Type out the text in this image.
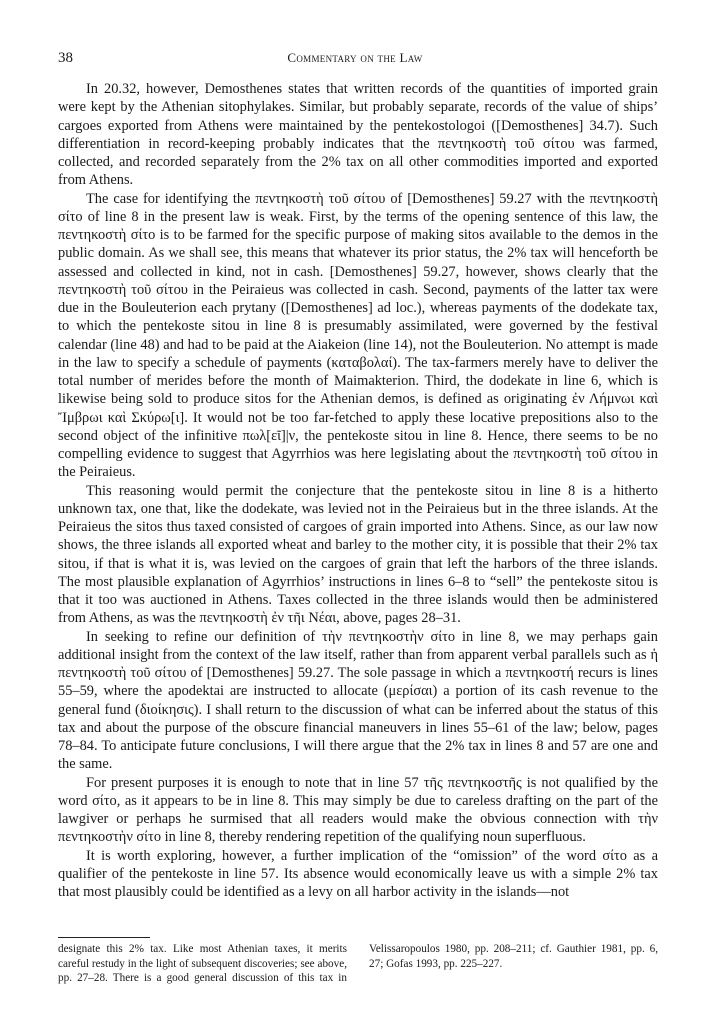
38	Commentary on the Law

In 20.32, however, Demosthenes states that written records of the quantities of imported grain were kept by the Athenian sitophylakes. Similar, but probably separate, records of the value of ships’ cargoes exported from Athens were maintained by the pentekostologoi ([Demosthenes] 34.7). Such differentiation in record-keeping probably indicates that the πεντηκοστὴ τοῦ σίτου was farmed, collected, and recorded separately from the 2% tax on all other commodities imported and exported from Athens.

The case for identifying the πεντηκοστὴ τοῦ σίτου of [Demosthenes] 59.27 with the πεντηκοστὴ σίτο of line 8 in the present law is weak. First, by the terms of the opening sentence of this law, the πεντηκοστὴ σίτο is to be farmed for the specific purpose of making sitos available to the demos in the public domain. As we shall see, this means that whatever its prior status, the 2% tax will henceforth be assessed and collected in kind, not in cash. [Demosthenes] 59.27, however, shows clearly that the πεντηκοστὴ τοῦ σίτου in the Peiraieus was collected in cash. Second, payments of the latter tax were due in the Bouleuterion each prytany ([Demosthenes] ad loc.), whereas payments of the dodekate tax, to which the pentekoste sitou in line 8 is presumably assimilated, were governed by the festival calendar (line 48) and had to be paid at the Aiakeion (line 14), not the Bouleuterion. No attempt is made in the law to specify a schedule of payments (καταβολαί). The tax-farmers merely have to deliver the total number of merides before the month of Maimakterion. Third, the dodekate in line 6, which is likewise being sold to produce sitos for the Athenian demos, is defined as originating ἐν Λήμνωι καὶ Ἴμβρωι καὶ Σκύρω[ι]. It would not be too far-fetched to apply these locative prepositions also to the second object of the infinitive πωλ[εῖ]|ν, the pentekoste sitou in line 8. Hence, there seems to be no compelling evidence to suggest that Agyrrhios was here legislating about the πεντηκοστὴ τοῦ σίτου in the Peiraieus.

This reasoning would permit the conjecture that the pentekoste sitou in line 8 is a hitherto unknown tax, one that, like the dodekate, was levied not in the Peiraieus but in the three islands. At the Peiraieus the sitos thus taxed consisted of cargoes of grain imported into Athens. Since, as our law now shows, the three islands all exported wheat and barley to the mother city, it is possible that their 2% tax sitou, if that is what it is, was levied on the cargoes of grain that left the harbors of the three islands. The most plausible explanation of Agyrrhios’ instructions in lines 6–8 to “sell” the pentekoste sitou is that it too was auctioned in Athens. Taxes collected in the three islands would then be administered from Athens, as was the πεντηκοστὴ ἐν τῆι Νέαι, above, pages 28–31.

In seeking to refine our definition of τὴν πεντηκοστὴν σίτο in line 8, we may perhaps gain additional insight from the context of the law itself, rather than from apparent verbal parallels such as ἡ πεντηκοστὴ τοῦ σίτου of [Demosthenes] 59.27. The sole passage in which a πεντηκοστή recurs is lines 55–59, where the apodektai are instructed to allocate (μερίσαι) a portion of its cash revenue to the general fund (διοίκησις). I shall return to the discussion of what can be inferred about the status of this tax and about the purpose of the obscure financial maneuvers in lines 55–61 of the law; below, pages 78–84. To anticipate future conclusions, I will there argue that the 2% tax in lines 8 and 57 are one and the same.

For present purposes it is enough to note that in line 57 τῆς πεντηκοστῆς is not qualified by the word σίτο, as it appears to be in line 8. This may simply be due to careless drafting on the part of the lawgiver or perhaps he surmised that all readers would make the obvious connection with τὴν πεντηκοστὴν σίτο in line 8, thereby rendering repetition of the qualifying noun superfluous.

It is worth exploring, however, a further implication of the “omission” of the word σίτο as a qualifier of the pentekoste in line 57. Its absence would economically leave us with a simple 2% tax that most plausibly could be identified as a levy on all harbor activity in the islands—not

designate this 2% tax. Like most Athenian taxes, it merits careful restudy in the light of subsequent discoveries; see above, pp. 27–28. There is a good general discussion of this tax in Velissaropoulos 1980, pp. 208–211; cf. Gauthier 1981, pp. 6, 27; Gofas 1993, pp. 225–227.
